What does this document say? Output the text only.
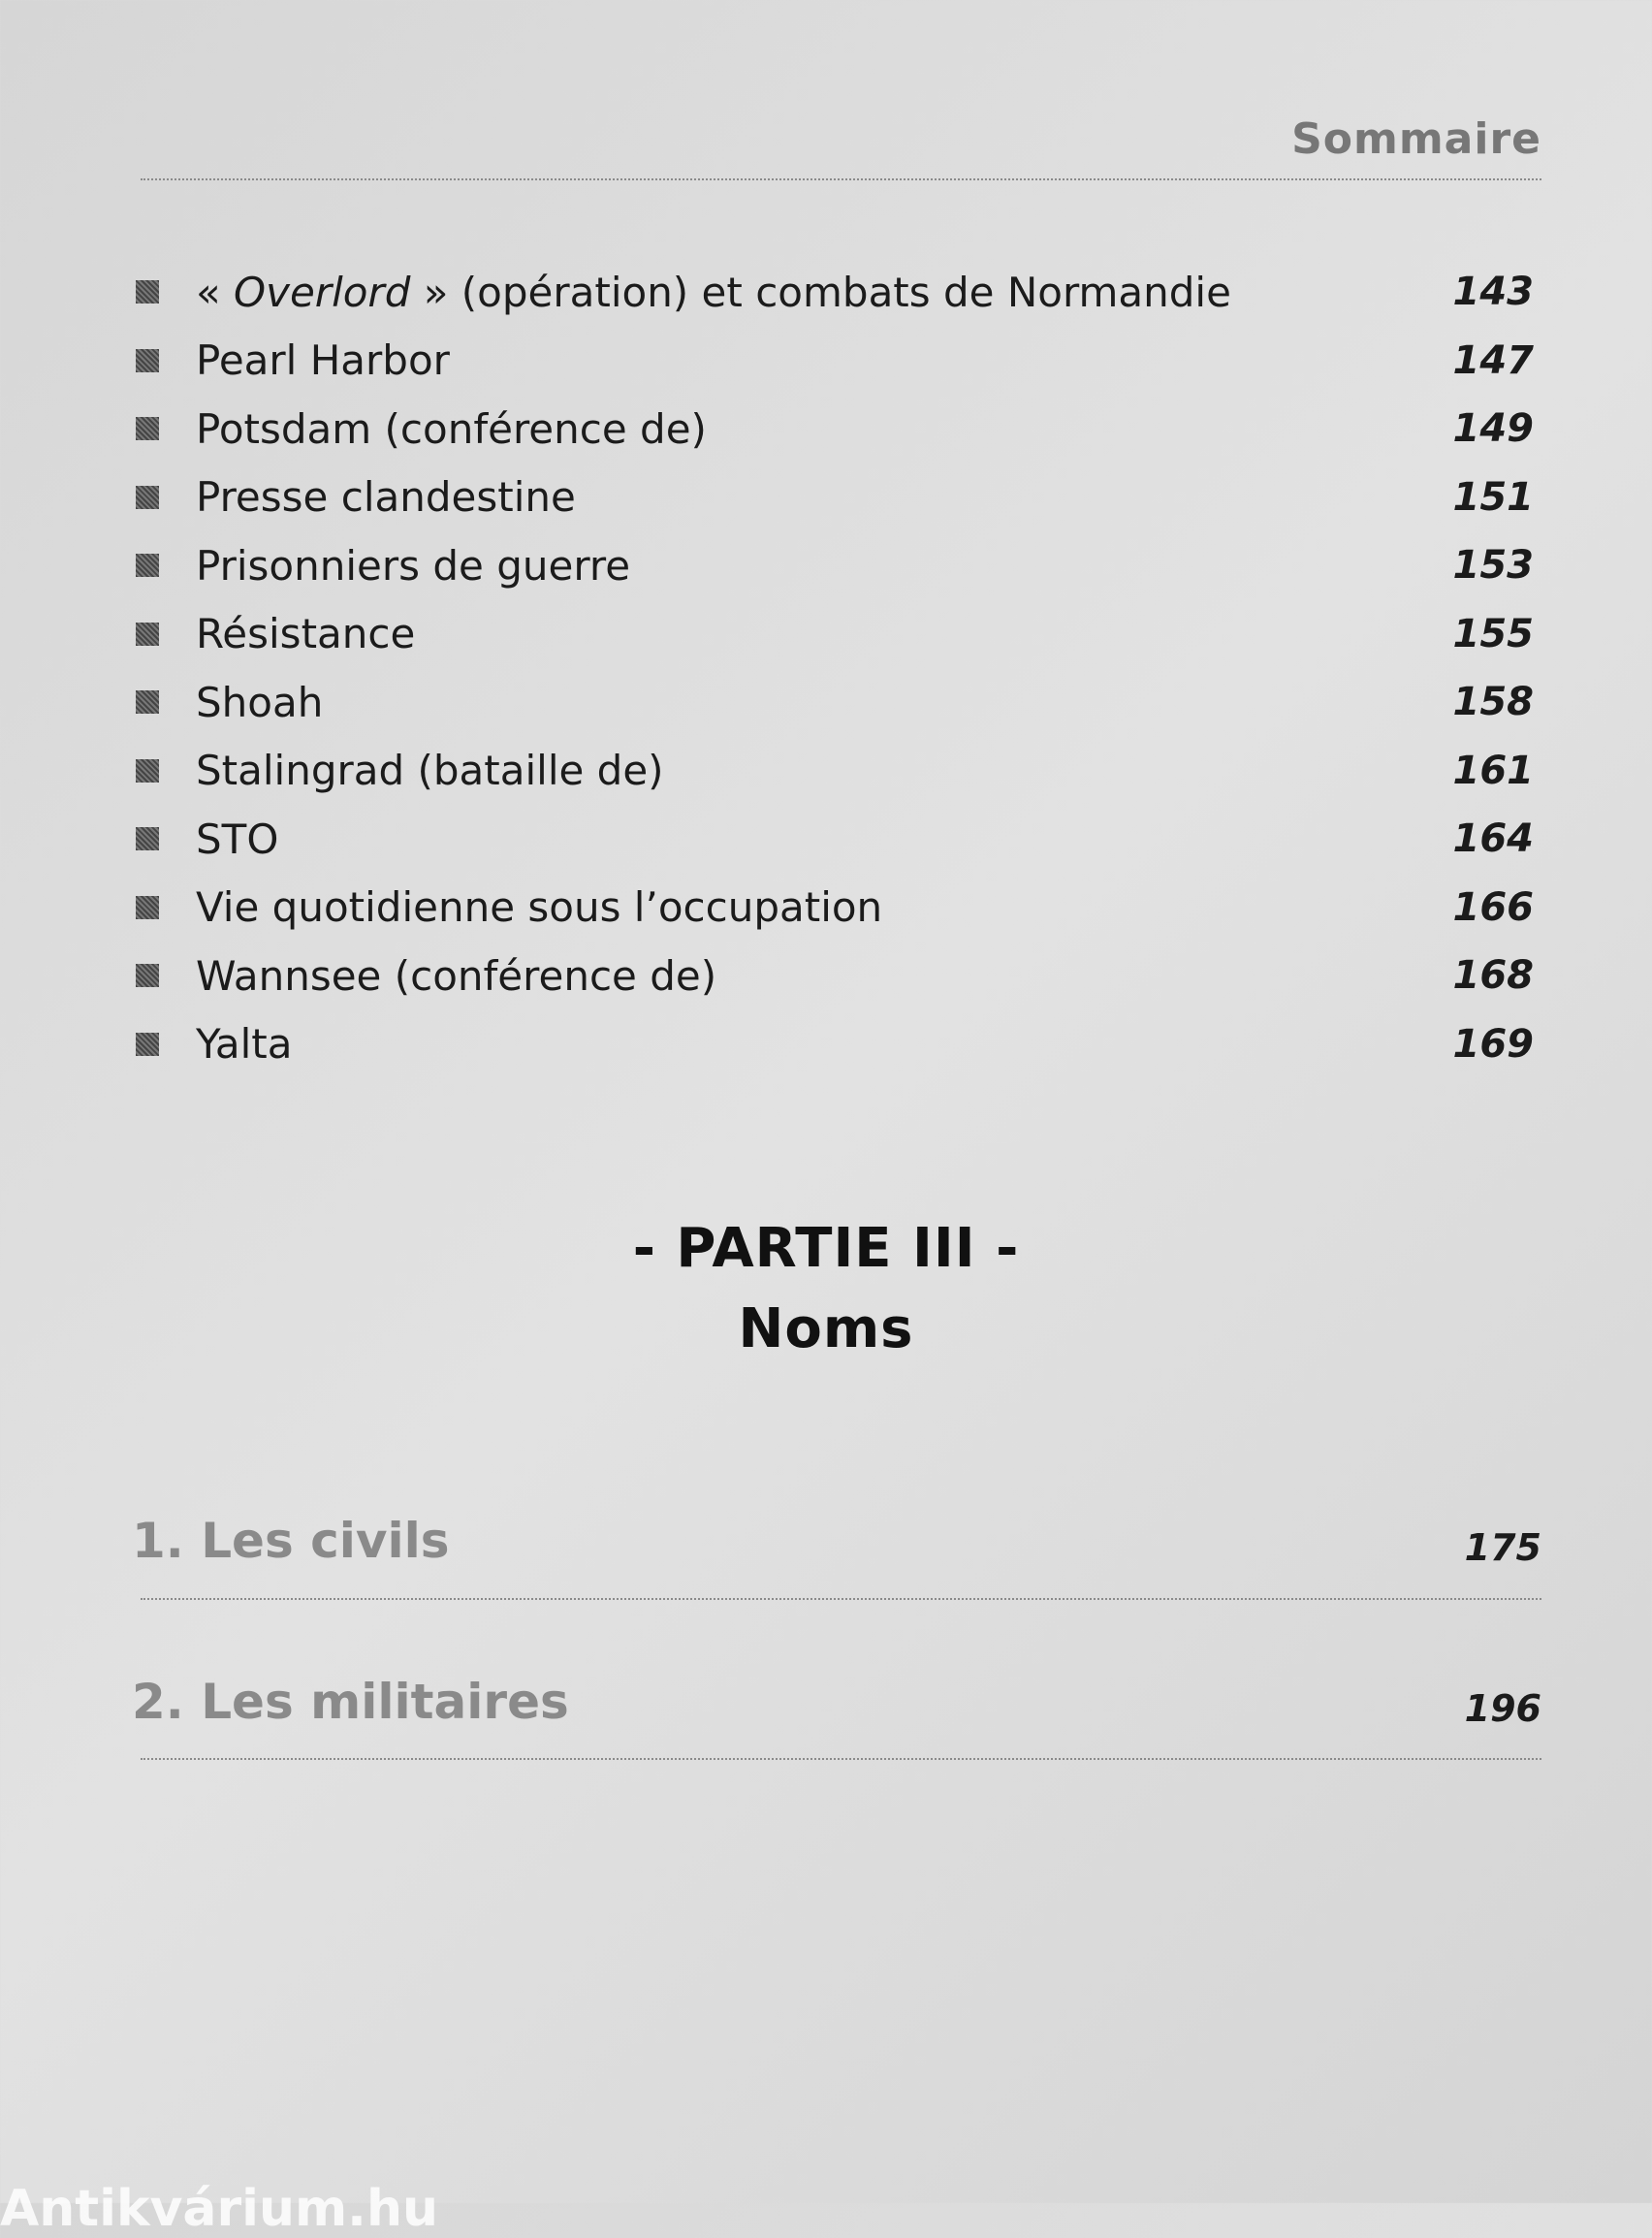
Sommaire
« Overlord » (opération) et combats de Normandie	143
Pearl Harbor	147
Potsdam (conférence de)	149
Presse clandestine	151
Prisonniers de guerre	153
Résistance	155
Shoah	158
Stalingrad (bataille de)	161
STO	164
Vie quotidienne sous l’occupation	166
Wannsee (conférence de)	168
Yalta	169
- PARTIE III -
Noms
1. Les civils	175
2. Les militaires	196
Antikvárium.hu
